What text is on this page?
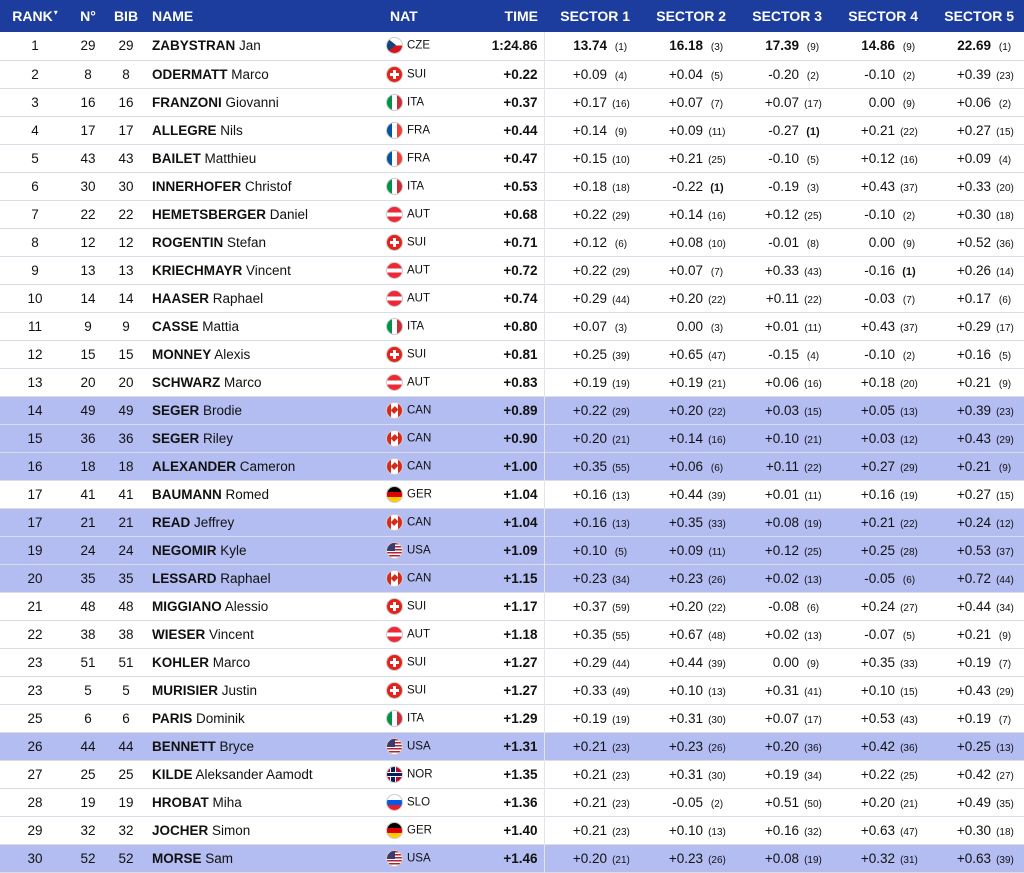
RANK▾	N°	BIB	NAME	NAT	TIME	SECTOR 1	SECTOR 2	SECTOR 3	SECTOR 4	SECTOR 5
1	29	29	ZABYSTRAN Jan	CZE	1:24.86	13.74 (1)	16.18 (3)	17.39 (9)	14.86 (9)	22.69 (1)
2	8	8	ODERMATT Marco	SUI	+0.22	+0.09 (4)	+0.04 (5)	-0.20 (2)	-0.10 (2)	+0.39 (23)
3	16	16	FRANZONI Giovanni	ITA	+0.37	+0.17 (16)	+0.07 (7)	+0.07 (17)	0.00 (9)	+0.06 (2)
4	17	17	ALLEGRE Nils	FRA	+0.44	+0.14 (9)	+0.09 (11)	-0.27 (1)	+0.21 (22)	+0.27 (15)
5	43	43	BAILET Matthieu	FRA	+0.47	+0.15 (10)	+0.21 (25)	-0.10 (5)	+0.12 (16)	+0.09 (4)
6	30	30	INNERHOFER Christof	ITA	+0.53	+0.18 (18)	-0.22 (1)	-0.19 (3)	+0.43 (37)	+0.33 (20)
7	22	22	HEMETSBERGER Daniel	AUT	+0.68	+0.22 (29)	+0.14 (16)	+0.12 (25)	-0.10 (2)	+0.30 (18)
8	12	12	ROGENTIN Stefan	SUI	+0.71	+0.12 (6)	+0.08 (10)	-0.01 (8)	0.00 (9)	+0.52 (36)
9	13	13	KRIECHMAYR Vincent	AUT	+0.72	+0.22 (29)	+0.07 (7)	+0.33 (43)	-0.16 (1)	+0.26 (14)
10	14	14	HAASER Raphael	AUT	+0.74	+0.29 (44)	+0.20 (22)	+0.11 (22)	-0.03 (7)	+0.17 (6)
11	9	9	CASSE Mattia	ITA	+0.80	+0.07 (3)	0.00 (3)	+0.01 (11)	+0.43 (37)	+0.29 (17)
12	15	15	MONNEY Alexis	SUI	+0.81	+0.25 (39)	+0.65 (47)	-0.15 (4)	-0.10 (2)	+0.16 (5)
13	20	20	SCHWARZ Marco	AUT	+0.83	+0.19 (19)	+0.19 (21)	+0.06 (16)	+0.18 (20)	+0.21 (9)
14	49	49	SEGER Brodie	CAN	+0.89	+0.22 (29)	+0.20 (22)	+0.03 (15)	+0.05 (13)	+0.39 (23)
15	36	36	SEGER Riley	CAN	+0.90	+0.20 (21)	+0.14 (16)	+0.10 (21)	+0.03 (12)	+0.43 (29)
16	18	18	ALEXANDER Cameron	CAN	+1.00	+0.35 (55)	+0.06 (6)	+0.11 (22)	+0.27 (29)	+0.21 (9)
17	41	41	BAUMANN Romed	GER	+1.04	+0.16 (13)	+0.44 (39)	+0.01 (11)	+0.16 (19)	+0.27 (15)
17	21	21	READ Jeffrey	CAN	+1.04	+0.16 (13)	+0.35 (33)	+0.08 (19)	+0.21 (22)	+0.24 (12)
19	24	24	NEGOMIR Kyle	USA	+1.09	+0.10 (5)	+0.09 (11)	+0.12 (25)	+0.25 (28)	+0.53 (37)
20	35	35	LESSARD Raphael	CAN	+1.15	+0.23 (34)	+0.23 (26)	+0.02 (13)	-0.05 (6)	+0.72 (44)
21	48	48	MIGGIANO Alessio	SUI	+1.17	+0.37 (59)	+0.20 (22)	-0.08 (6)	+0.24 (27)	+0.44 (34)
22	38	38	WIESER Vincent	AUT	+1.18	+0.35 (55)	+0.67 (48)	+0.02 (13)	-0.07 (5)	+0.21 (9)
23	51	51	KOHLER Marco	SUI	+1.27	+0.29 (44)	+0.44 (39)	0.00 (9)	+0.35 (33)	+0.19 (7)
23	5	5	MURISIER Justin	SUI	+1.27	+0.33 (49)	+0.10 (13)	+0.31 (41)	+0.10 (15)	+0.43 (29)
25	6	6	PARIS Dominik	ITA	+1.29	+0.19 (19)	+0.31 (30)	+0.07 (17)	+0.53 (43)	+0.19 (7)
26	44	44	BENNETT Bryce	USA	+1.31	+0.21 (23)	+0.23 (26)	+0.20 (36)	+0.42 (36)	+0.25 (13)
27	25	25	KILDE Aleksander Aamodt	NOR	+1.35	+0.21 (23)	+0.31 (30)	+0.19 (34)	+0.22 (25)	+0.42 (27)
28	19	19	HROBAT Miha	SLO	+1.36	+0.21 (23)	-0.05 (2)	+0.51 (50)	+0.20 (21)	+0.49 (35)
29	32	32	JOCHER Simon	GER	+1.40	+0.21 (23)	+0.10 (13)	+0.16 (32)	+0.63 (47)	+0.30 (18)
30	52	52	MORSE Sam	USA	+1.46	+0.20 (21)	+0.23 (26)	+0.08 (19)	+0.32 (31)	+0.63 (39)
